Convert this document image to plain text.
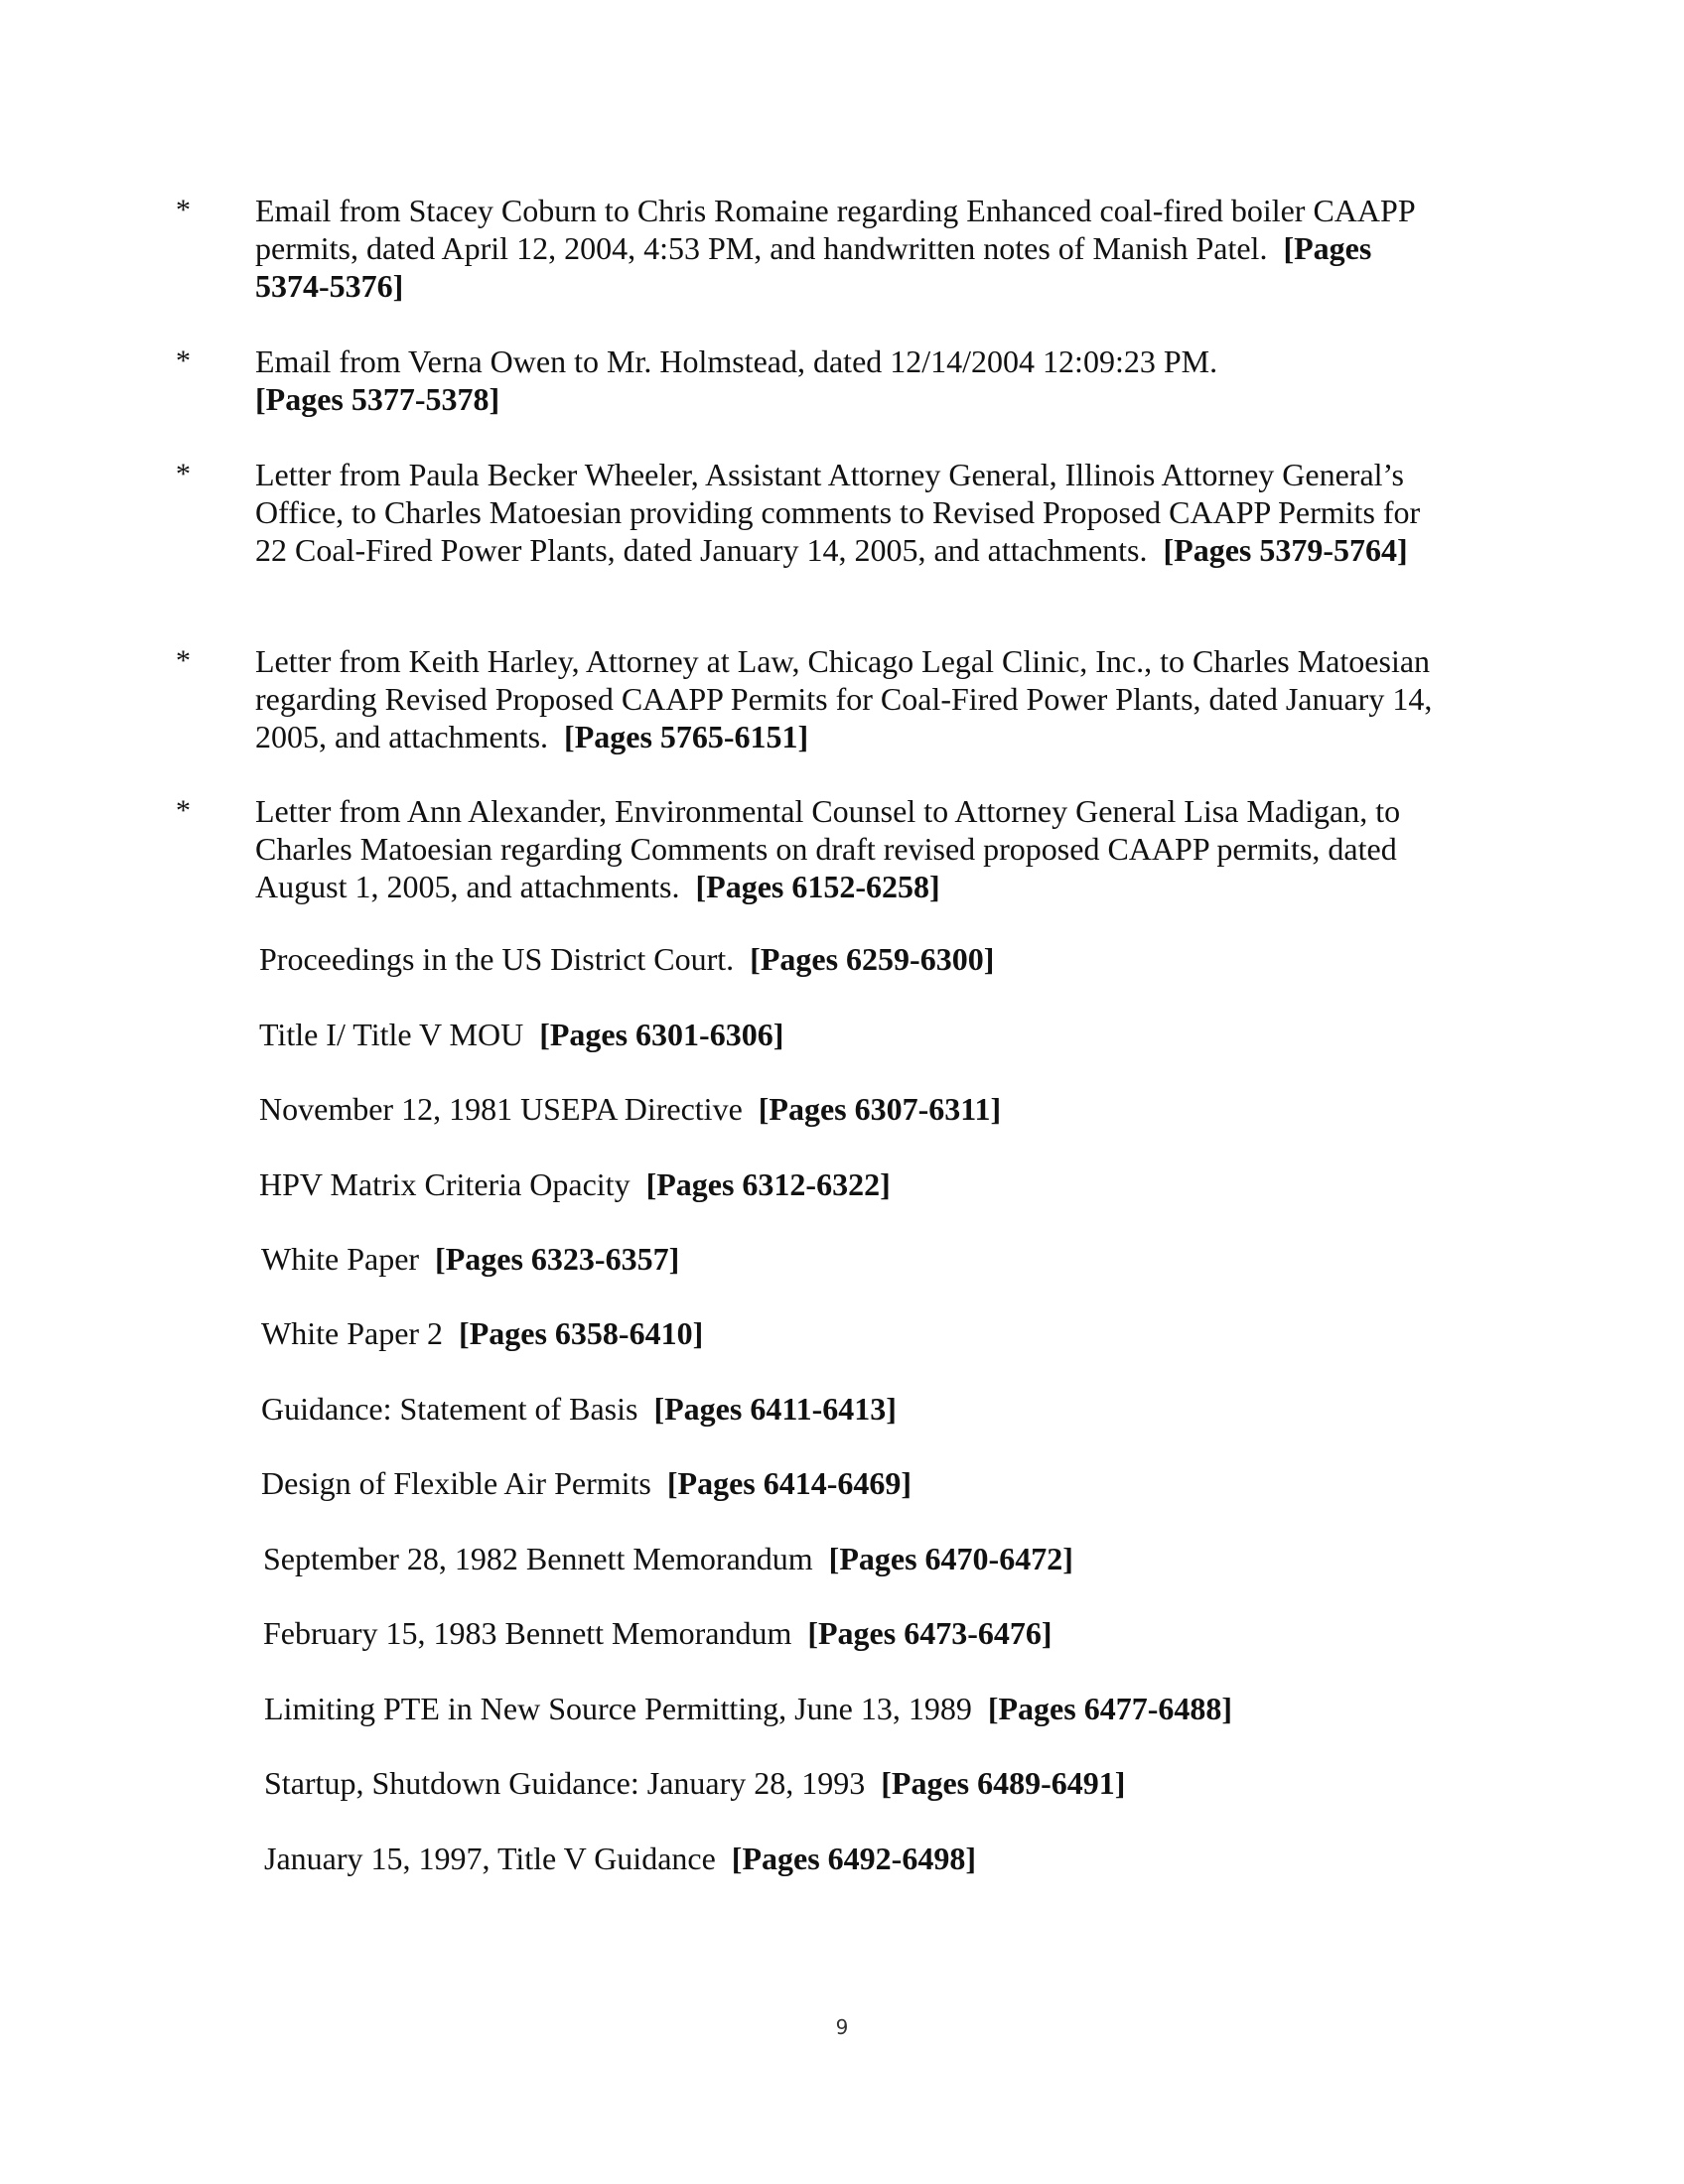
*	Email from Stacey Coburn to Chris Romaine regarding Enhanced coal-fired boiler CAAPP permits, dated April 12, 2004, 4:53 PM, and handwritten notes of Manish Patel. [Pages 5374-5376]
*	Email from Verna Owen to Mr. Holmstead, dated 12/14/2004 12:09:23 PM.
[Pages 5377-5378]
*	Letter from Paula Becker Wheeler, Assistant Attorney General, Illinois Attorney General’s Office, to Charles Matoesian providing comments to Revised Proposed CAAPP Permits for 22 Coal-Fired Power Plants, dated January 14, 2005, and attachments. [Pages 5379-5764]
*	Letter from Keith Harley, Attorney at Law, Chicago Legal Clinic, Inc., to Charles Matoesian regarding Revised Proposed CAAPP Permits for Coal-Fired Power Plants, dated January 14, 2005, and attachments. [Pages 5765-6151]
*	Letter from Ann Alexander, Environmental Counsel to Attorney General Lisa Madigan, to Charles Matoesian regarding Comments on draft revised proposed CAAPP permits, dated August 1, 2005, and attachments. [Pages 6152-6258]
Proceedings in the US District Court. [Pages 6259-6300]
Title I/ Title V MOU [Pages 6301-6306]
November 12, 1981 USEPA Directive [Pages 6307-6311]
HPV Matrix Criteria Opacity [Pages 6312-6322]
White Paper [Pages 6323-6357]
White Paper 2 [Pages 6358-6410]
Guidance: Statement of Basis [Pages 6411-6413]
Design of Flexible Air Permits [Pages 6414-6469]
September 28, 1982 Bennett Memorandum [Pages 6470-6472]
February 15, 1983 Bennett Memorandum [Pages 6473-6476]
Limiting PTE in New Source Permitting, June 13, 1989 [Pages 6477-6488]
Startup, Shutdown Guidance: January 28, 1993 [Pages 6489-6491]
January 15, 1997, Title V Guidance [Pages 6492-6498]
9
